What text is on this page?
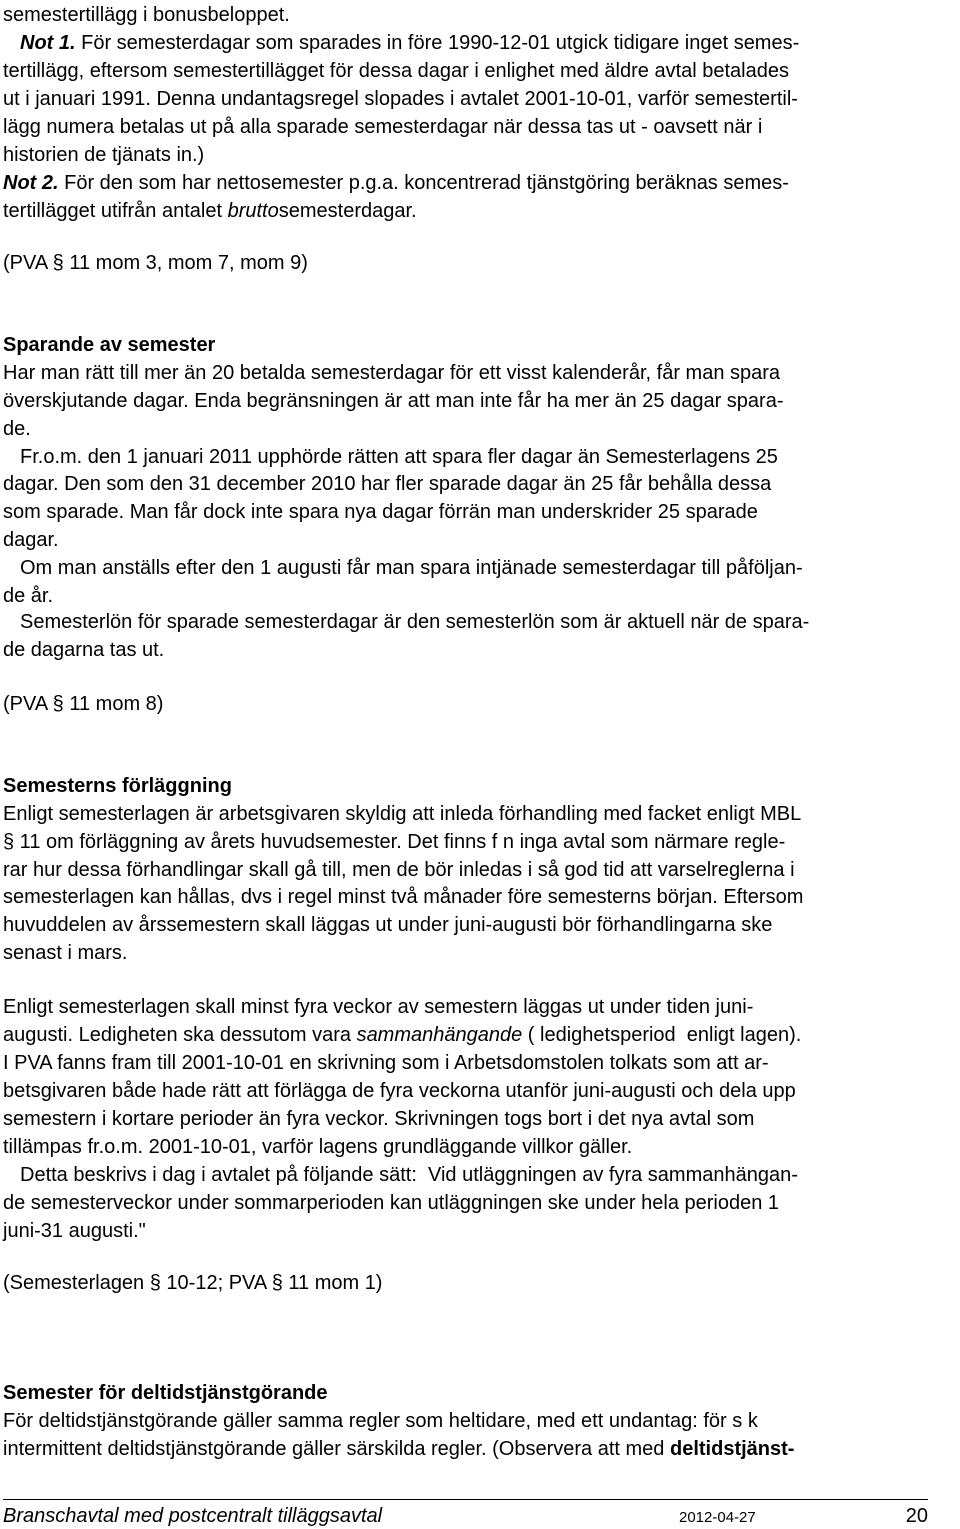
semestertillägg i bonusbeloppet.
Not 1. För semesterdagar som sparades in före 1990-12-01 utgick tidigare inget semes-
tertillägg, eftersom semestertillägget för dessa dagar i enlighet med äldre avtal betalades
ut i januari 1991. Denna undantagsregel slopades i avtalet 2001-10-01, varför semestertil-
lägg numera betalas ut på alla sparade semesterdagar när dessa tas ut - oavsett när i
historien de tjänats in.)
Not 2. För den som har nettosemester p.g.a. koncentrerad tjänstgöring beräknas semes-
tertillägget utifrån antalet bruttosemesterdagar.
(PVA § 11 mom 3, mom 7, mom 9)
Sparande av semester
Har man rätt till mer än 20 betalda semesterdagar för ett visst kalenderår, får man spara
överskjutande dagar. Enda begränsningen är att man inte får ha mer än 25 dagar spara-
de.
Fr.o.m. den 1 januari 2011 upphörde rätten att spara fler dagar än Semesterlagens 25
dagar. Den som den 31 december 2010 har fler sparade dagar än 25 får behålla dessa
som sparade. Man får dock inte spara nya dagar förrän man underskrider 25 sparade
dagar.
Om man anställs efter den 1 augusti får man spara intjänade semesterdagar till påföljan-
de år.
Semesterlön för sparade semesterdagar är den semesterlön som är aktuell när de spara-
de dagarna tas ut.
(PVA § 11 mom 8)
Semesterns förläggning
Enligt semesterlagen är arbetsgivaren skyldig att inleda förhandling med facket enligt MBL
§ 11 om förläggning av årets huvudsemester. Det finns f n inga avtal som närmare regle-
rar hur dessa förhandlingar skall gå till, men de bör inledas i så god tid att varselreglerna i
semesterlagen kan hållas, dvs i regel minst två månader före semesterns början. Eftersom
huvuddelen av årssemestern skall läggas ut under juni-augusti bör förhandlingarna ske
senast i mars.
Enligt semesterlagen skall minst fyra veckor av semestern läggas ut under tiden juni-
augusti. Ledigheten ska dessutom vara sammanhängande ( ledighetsperiod  enligt lagen).
I PVA fanns fram till 2001-10-01 en skrivning som i Arbetsdomstolen tolkats som att ar-
betsgivaren både hade rätt att förlägga de fyra veckorna utanför juni-augusti och dela upp
semestern i kortare perioder än fyra veckor. Skrivningen togs bort i det nya avtal som
tillämpas fr.o.m. 2001-10-01, varför lagens grundläggande villkor gäller.
Detta beskrivs i dag i avtalet på följande sätt:  Vid utläggningen av fyra sammanhängan-
de semesterveckor under sommarperioden kan utläggningen ske under hela perioden 1
juni-31 augusti."
(Semesterlagen § 10-12; PVA § 11 mom 1)
Semester för deltidstjänstgörande
För deltidstjänstgörande gäller samma regler som heltidare, med ett undantag: för s k
intermittent deltidstjänstgörande gäller särskilda regler. (Observera att med deltidstjänst-
Branschavtal med postcentralt tilläggsavtal	2012-04-27	20
